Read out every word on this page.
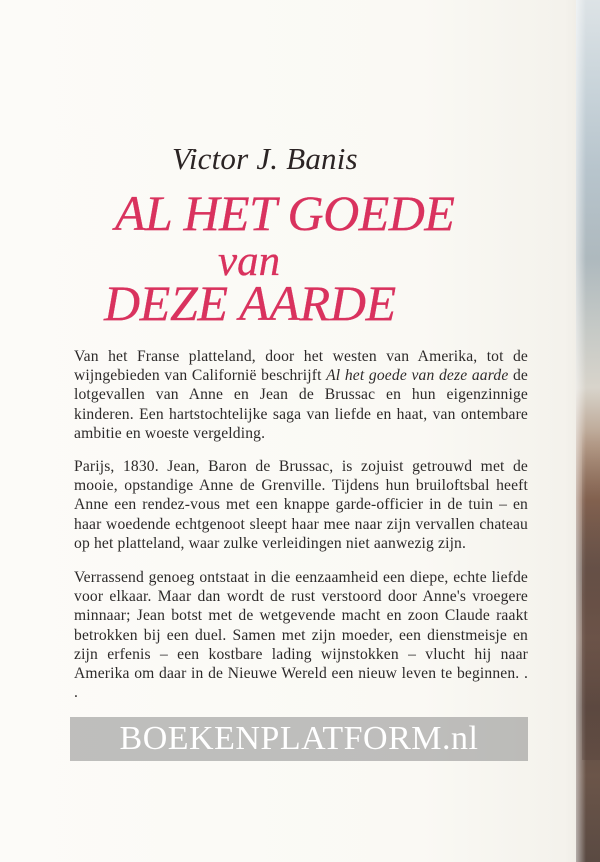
Victor J. Banis
AL HET GOEDE
van
DEZE AARDE
Van het Franse platteland, door het westen van Amerika, tot de wijngebieden van Californië beschrijft Al het goede van deze aarde de lotgevallen van Anne en Jean de Brussac en hun eigenzinnige kinderen. Een hartstochtelijke saga van liefde en haat, van ontembare ambitie en woeste vergelding.
Parijs, 1830. Jean, Baron de Brussac, is zojuist getrouwd met de mooie, opstandige Anne de Grenville. Tijdens hun bruiloftsbal heeft Anne een rendez-vous met een knappe garde-officier in de tuin – en haar woedende echtgenoot sleept haar mee naar zijn vervallen chateau op het platteland, waar zulke verleidingen niet aanwezig zijn.
Verrassend genoeg ontstaat in die eenzaamheid een diepe, echte liefde voor elkaar. Maar dan wordt de rust verstoord door Anne's vroegere minnaar; Jean botst met de wetgevende macht en zoon Claude raakt betrokken bij een duel. Samen met zijn moeder, een dienstmeisje en zijn erfenis – een kostbare lading wijnstokken – vlucht hij naar Amerika om daar in de Nieuwe Wereld een nieuw leven te beginnen. . .
BOEKENPLATFORM.nl
